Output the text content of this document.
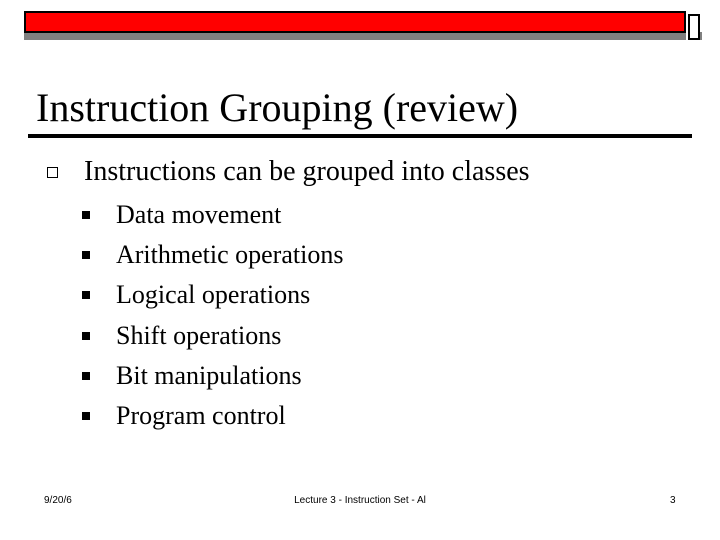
Instruction Grouping (review)
Instructions can be grouped into classes
Data movement
Arithmetic operations
Logical operations
Shift operations
Bit manipulations
Program control
9/20/6	Lecture 3 - Instruction Set - Al	3
